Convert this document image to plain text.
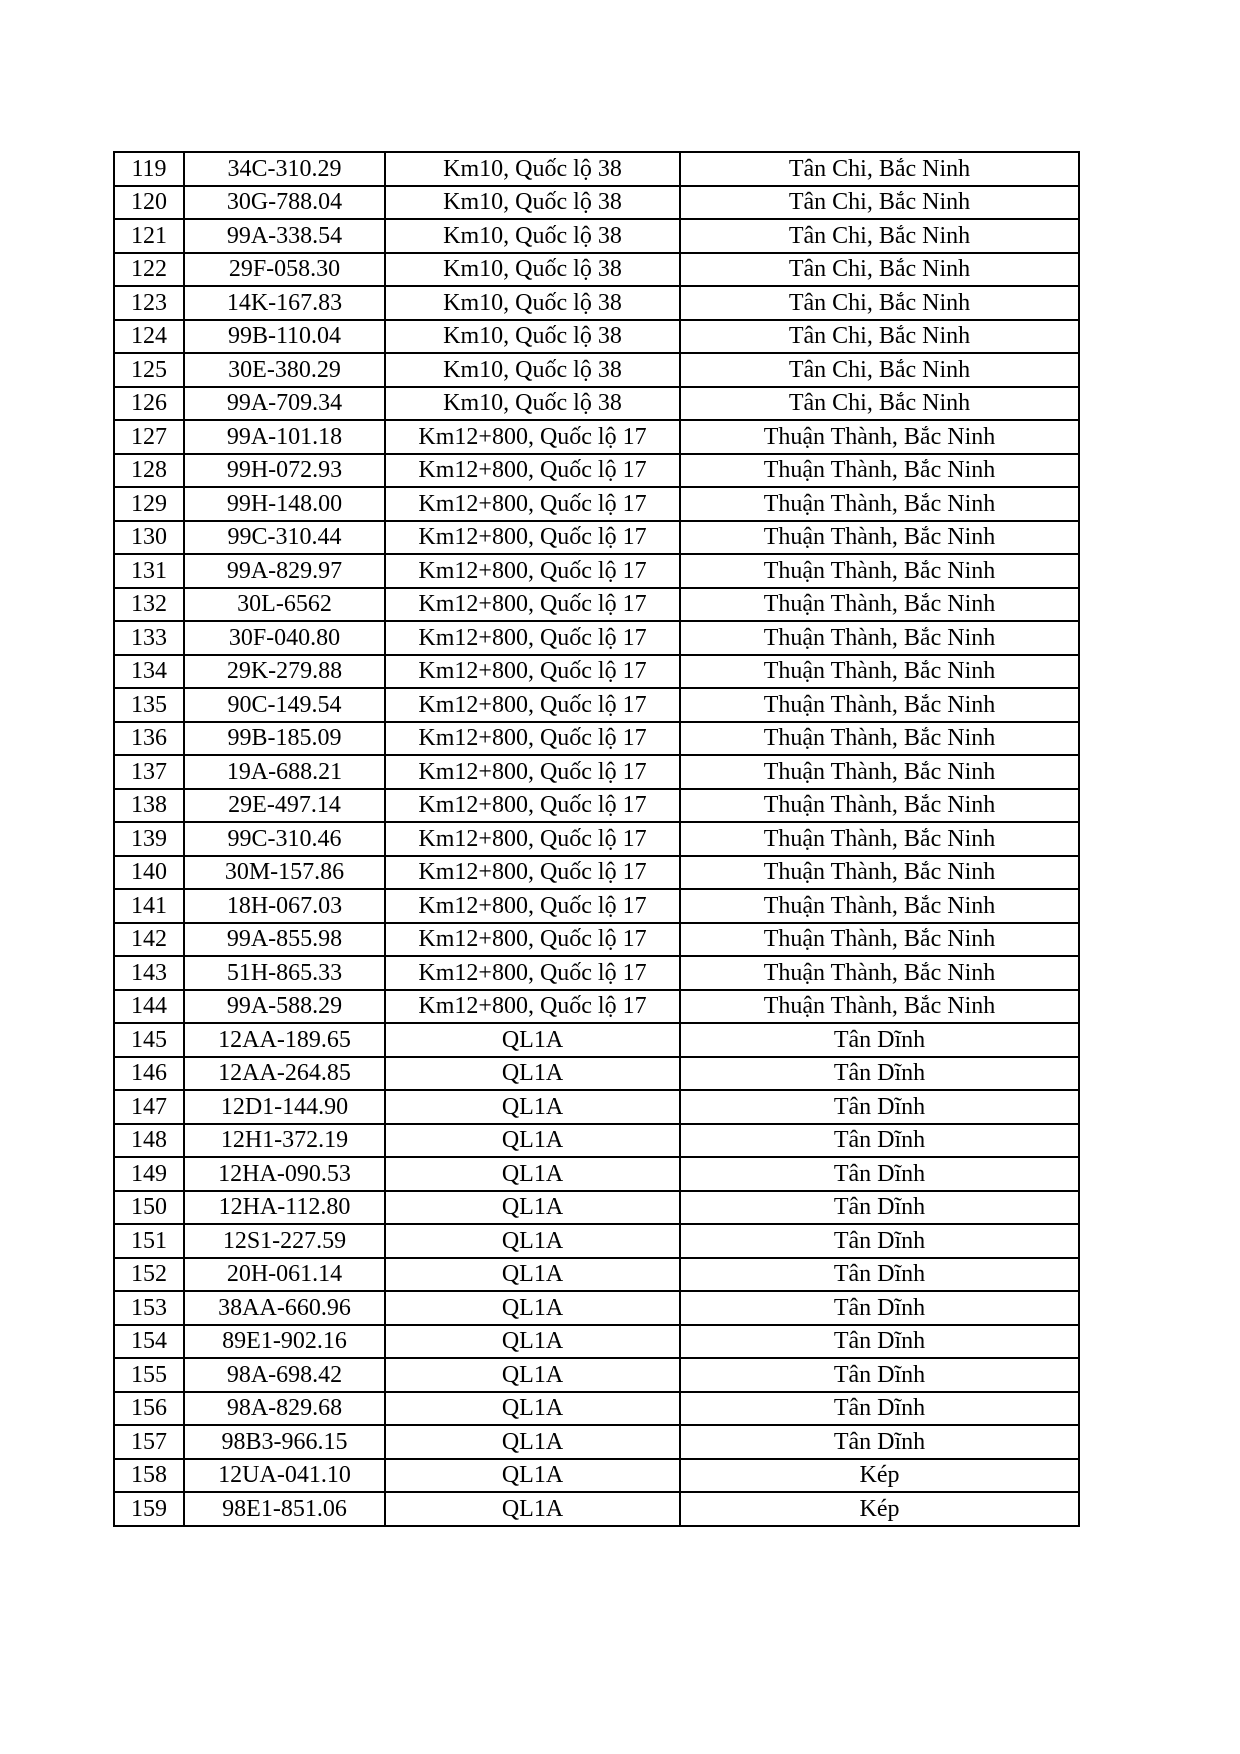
119	34C-310.29	Km10, Quốc lộ 38	Tân Chi, Bắc Ninh
120	30G-788.04	Km10, Quốc lộ 38	Tân Chi, Bắc Ninh
121	99A-338.54	Km10, Quốc lộ 38	Tân Chi, Bắc Ninh
122	29F-058.30	Km10, Quốc lộ 38	Tân Chi, Bắc Ninh
123	14K-167.83	Km10, Quốc lộ 38	Tân Chi, Bắc Ninh
124	99B-110.04	Km10, Quốc lộ 38	Tân Chi, Bắc Ninh
125	30E-380.29	Km10, Quốc lộ 38	Tân Chi, Bắc Ninh
126	99A-709.34	Km10, Quốc lộ 38	Tân Chi, Bắc Ninh
127	99A-101.18	Km12+800, Quốc lộ 17	Thuận Thành, Bắc Ninh
128	99H-072.93	Km12+800, Quốc lộ 17	Thuận Thành, Bắc Ninh
129	99H-148.00	Km12+800, Quốc lộ 17	Thuận Thành, Bắc Ninh
130	99C-310.44	Km12+800, Quốc lộ 17	Thuận Thành, Bắc Ninh
131	99A-829.97	Km12+800, Quốc lộ 17	Thuận Thành, Bắc Ninh
132	30L-6562	Km12+800, Quốc lộ 17	Thuận Thành, Bắc Ninh
133	30F-040.80	Km12+800, Quốc lộ 17	Thuận Thành, Bắc Ninh
134	29K-279.88	Km12+800, Quốc lộ 17	Thuận Thành, Bắc Ninh
135	90C-149.54	Km12+800, Quốc lộ 17	Thuận Thành, Bắc Ninh
136	99B-185.09	Km12+800, Quốc lộ 17	Thuận Thành, Bắc Ninh
137	19A-688.21	Km12+800, Quốc lộ 17	Thuận Thành, Bắc Ninh
138	29E-497.14	Km12+800, Quốc lộ 17	Thuận Thành, Bắc Ninh
139	99C-310.46	Km12+800, Quốc lộ 17	Thuận Thành, Bắc Ninh
140	30M-157.86	Km12+800, Quốc lộ 17	Thuận Thành, Bắc Ninh
141	18H-067.03	Km12+800, Quốc lộ 17	Thuận Thành, Bắc Ninh
142	99A-855.98	Km12+800, Quốc lộ 17	Thuận Thành, Bắc Ninh
143	51H-865.33	Km12+800, Quốc lộ 17	Thuận Thành, Bắc Ninh
144	99A-588.29	Km12+800, Quốc lộ 17	Thuận Thành, Bắc Ninh
145	12AA-189.65	QL1A	Tân Dĩnh
146	12AA-264.85	QL1A	Tân Dĩnh
147	12D1-144.90	QL1A	Tân Dĩnh
148	12H1-372.19	QL1A	Tân Dĩnh
149	12HA-090.53	QL1A	Tân Dĩnh
150	12HA-112.80	QL1A	Tân Dĩnh
151	12S1-227.59	QL1A	Tân Dĩnh
152	20H-061.14	QL1A	Tân Dĩnh
153	38AA-660.96	QL1A	Tân Dĩnh
154	89E1-902.16	QL1A	Tân Dĩnh
155	98A-698.42	QL1A	Tân Dĩnh
156	98A-829.68	QL1A	Tân Dĩnh
157	98B3-966.15	QL1A	Tân Dĩnh
158	12UA-041.10	QL1A	Kép
159	98E1-851.06	QL1A	Kép
